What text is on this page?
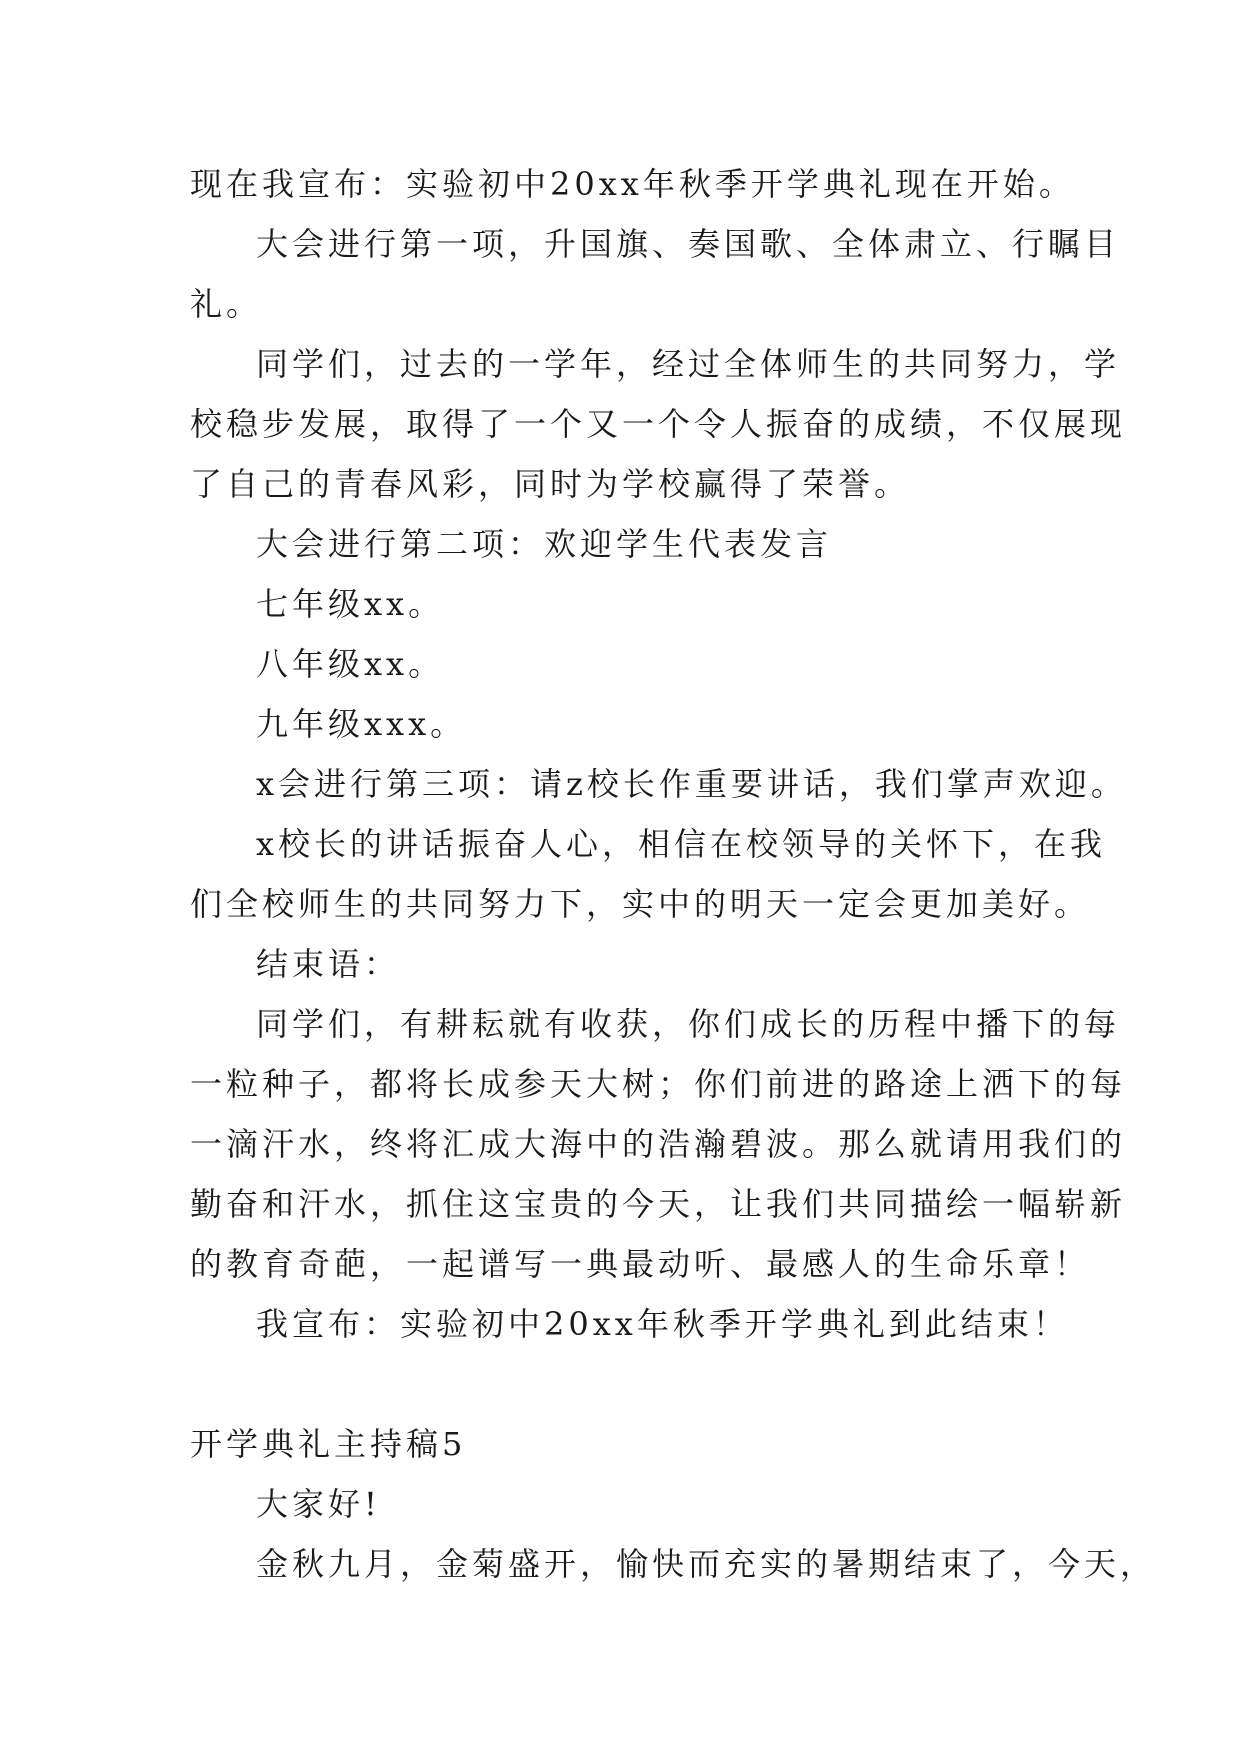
现在我宣布：实验初中20xx年秋季开学典礼现在开始。
大会进行第一项，升国旗、奏国歌、全体肃立、行瞩目
礼。
同学们，过去的一学年，经过全体师生的共同努力，学
校稳步发展，取得了一个又一个令人振奋的成绩，不仅展现
了自己的青春风彩，同时为学校赢得了荣誉。
大会进行第二项：欢迎学生代表发言
七年级xx。
八年级xx。
九年级xxx。
x会进行第三项：请z校长作重要讲话，我们掌声欢迎。
x校长的讲话振奋人心，相信在校领导的关怀下，在我
们全校师生的共同努力下，实中的明天一定会更加美好。
结束语：
同学们，有耕耘就有收获，你们成长的历程中播下的每
一粒种子，都将长成参天大树；你们前进的路途上洒下的每
一滴汗水，终将汇成大海中的浩瀚碧波。那么就请用我们的
勤奋和汗水，抓住这宝贵的今天，让我们共同描绘一幅崭新
的教育奇葩，一起谱写一典最动听、最感人的生命乐章！
我宣布：实验初中20xx年秋季开学典礼到此结束！
开学典礼主持稿5
大家好!
金秋九月，金菊盛开，愉快而充实的暑期结束了，今天，
